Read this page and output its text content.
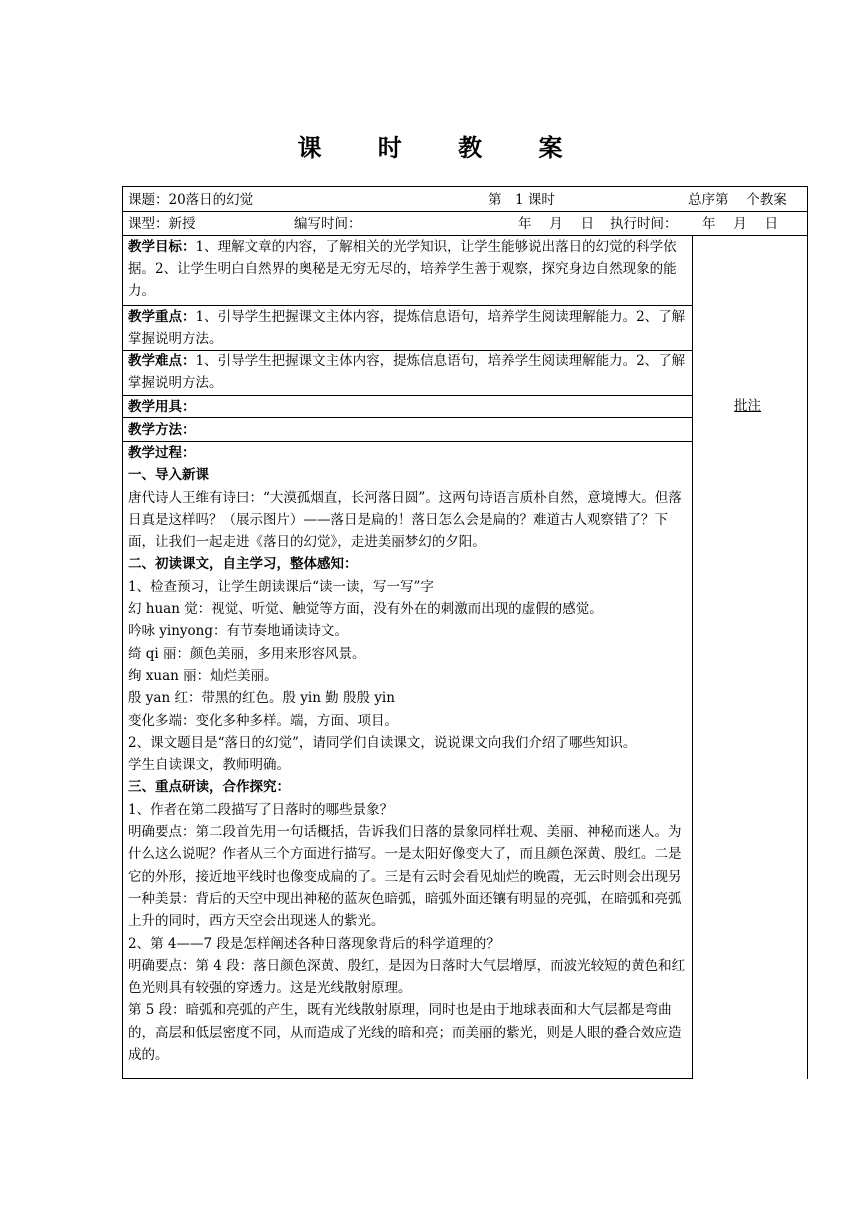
课 时 教 案
课题：20落日的幻觉	第　1 课时	总序第　 个教案
课型：新授	编写时间：	年　 月　 日 执行时间： 年　 月　 日

教学目标：1、理解文章的内容，了解相关的光学知识，让学生能够说出落日的幻觉的科学依据。2、让学生明白自然界的奥秘是无穷无尽的，培养学生善于观察，探究身边自然现象的能力。

教学重点：1、引导学生把握课文主体内容，提炼信息语句，培养学生阅读理解能力。2、了解掌握说明方法。

教学难点：1、引导学生把握课文主体内容，提炼信息语句，培养学生阅读理解能力。2、了解掌握说明方法。

教学用具：
教学方法：

教学过程：

一、导入新课

唐代诗人王维有诗曰：“大漠孤烟直，长河落日圆”。这两句诗语言质朴自然，意境博大。但落日真是这样吗？（展示图片）——落日是扁的！落日怎么会是扁的？难道古人观察错了？下面，让我们一起走进《落日的幻觉》，走进美丽梦幻的夕阳。

二、初读课文，自主学习，整体感知：

1、检查预习，让学生朗读课后“读一读，写一写”字

幻 huan 觉：视觉、听觉、触觉等方面，没有外在的刺激而出现的虚假的感觉。

吟咏 yinyong：有节奏地诵读诗文。

绮 qi 丽：颜色美丽，多用来形容风景。

绚 xuan 丽：灿烂美丽。

殷 yan 红：带黑的红色。殷 yin 勤 殷殷 yin

变化多端：变化多种多样。端，方面、项目。

2、课文题目是“落日的幻觉”，请同学们自读课文，说说课文向我们介绍了哪些知识。

学生自读课文，教师明确。

三、重点研读，合作探究：

1、作者在第二段描写了日落时的哪些景象？

明确要点：第二段首先用一句话概括，告诉我们日落的景象同样壮观、美丽、神秘而迷人。为什么这么说呢？作者从三个方面进行描写。一是太阳好像变大了，而且颜色深黄、殷红。二是它的外形，接近地平线时也像变成扁的了。三是有云时会看见灿烂的晚霞，无云时则会出现另一种美景：背后的天空中现出神秘的蓝灰色暗弧，暗弧外面还镶有明显的亮弧，在暗弧和亮弧上升的同时，西方天空会出现迷人的紫光。

2、第 4——7 段是怎样阐述各种日落现象背后的科学道理的？

明确要点：第 4 段：落日颜色深黄、殷红，是因为日落时大气层增厚，而波光较短的黄色和红色光则具有较强的穿透力。这是光线散射原理。

第 5 段：暗弧和亮弧的产生，既有光线散射原理，同时也是由于地球表面和大气层都是弯曲的，高层和低层密度不同，从而造成了光线的暗和亮；而美丽的紫光，则是人眼的叠合效应造成的。

批注
